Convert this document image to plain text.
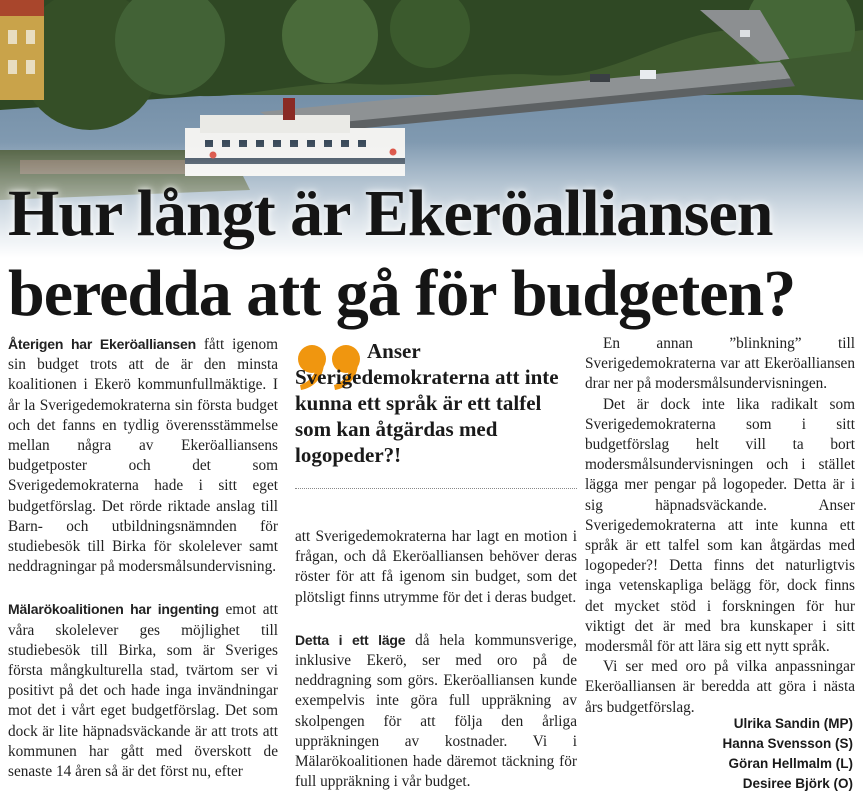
Hur långt är Ekeröalliansen
beredda att gå för budgeten?

Återigen har Ekeröalliansen fått igenom sin budget trots att de är den minsta koalitionen i Ekerö kommunfullmäktige. I år la Sverigedemokraterna sin första budget och det fanns en tydlig överensstämmelse mellan några av Ekeröalliansens budgetposter och det som Sverigedemokraterna hade i sitt eget budgetförslag. Det rörde riktade anslag till Barn- och utbildningsnämnden för studiebesök till Birka för skolelever samt neddragningar på modersmålsundervisning.

Mälarökoalitionen har ingenting emot att våra skolelever ges möjlighet till studiebesök till Birka, som är Sveriges första mångkulturella stad, tvärtom ser vi positivt på det och hade inga invändningar mot det i vårt eget budgetförslag. Det som dock är lite häpnadsväckande är att trots att kommunen har gått med överskott de senaste 14 åren så är det först nu, efter

Anser Sverigedemokraterna att inte kunna ett språk är ett talfel som kan åtgärdas med logopeder?!

att Sverigedemokraterna har lagt en motion i frågan, och då Ekeröalliansen behöver deras röster för att få igenom sin budget, som det plötsligt finns utrymme för det i deras budget.

Detta i ett läge då hela kommunsverige, inklusive Ekerö, ser med oro på de neddragning som görs. Ekeröalliansen kunde exempelvis inte göra full uppräkning av skolpengen för att följa den årliga uppräkningen av kostnader. Vi i Mälarökoalitionen hade däremot täckning för full uppräkning i vår budget.

En annan ”blinkning” till Sverigedemokraterna var att Ekeröalliansen drar ner på modersmålsundervisningen.

Det är dock inte lika radikalt som Sverigedemokraterna som i sitt budgetförslag helt vill ta bort modersmålsundervisningen och i stället lägga mer pengar på logopeder. Detta är i sig häpnadsväckande. Anser Sverigedemokraterna att inte kunna ett språk är ett talfel som kan åtgärdas med logopeder?! Detta finns det naturligtvis inga vetenskapliga belägg för, dock finns det mycket stöd i forskningen för hur viktigt det är med bra kunskaper i sitt modersmål för att lära sig ett nytt språk.

Vi ser med oro på vilka anpassningar Ekeröalliansen är beredda att göra i nästa års budgetförslag.

Ulrika Sandin (MP)
Hanna Svensson (S)
Göran Hellmalm (L)
Desiree Björk (O)
